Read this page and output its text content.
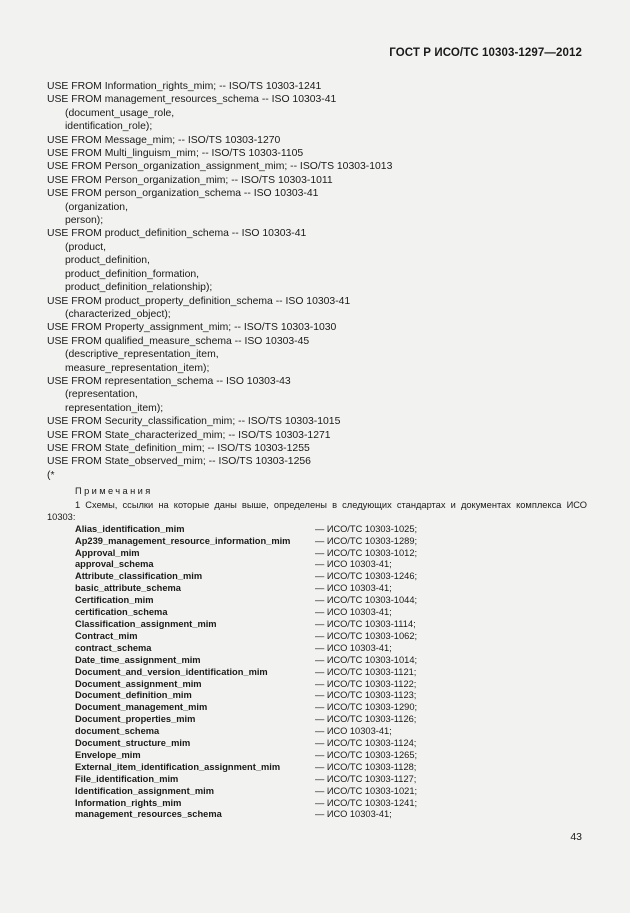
ГОСТ Р ИСО/ТС 10303-1297—2012
USE FROM Information_rights_mim; -- ISO/TS 10303-1241
USE FROM management_resources_schema -- ISO 10303-41
(document_usage_role,
identification_role);
USE FROM Message_mim; -- ISO/TS 10303-1270
USE FROM Multi_linguism_mim; -- ISO/TS 10303-1105
USE FROM Person_organization_assignment_mim; -- ISO/TS 10303-1013
USE FROM Person_organization_mim; -- ISO/TS 10303-1011
USE FROM person_organization_schema -- ISO 10303-41
(organization,
person);
USE FROM product_definition_schema -- ISO 10303-41
(product,
product_definition,
product_definition_formation,
product_definition_relationship);
USE FROM product_property_definition_schema -- ISO 10303-41
(characterized_object);
USE FROM Property_assignment_mim; -- ISO/TS 10303-1030
USE FROM qualified_measure_schema -- ISO 10303-45
(descriptive_representation_item,
measure_representation_item);
USE FROM representation_schema -- ISO 10303-43
(representation,
representation_item);
USE FROM Security_classification_mim; -- ISO/TS 10303-1015
USE FROM State_characterized_mim; -- ISO/TS 10303-1271
USE FROM State_definition_mim; -- ISO/TS 10303-1255
USE FROM State_observed_mim; -- ISO/TS 10303-1256
(*
Примечания
1 Схемы, ссылки на которые даны выше, определены в следующих стандартах и документах комплекса ИСО 10303:
Alias_identification_mim	— ИСО/ТС 10303-1025;
Ap239_management_resource_information_mim	— ИСО/ТС 10303-1289;
Approval_mim	— ИСО/ТС 10303-1012;
approval_schema	— ИСО 10303-41;
Attribute_classification_mim	— ИСО/ТС 10303-1246;
basic_attribute_schema	— ИСО 10303-41;
Certification_mim	— ИСО/ТС 10303-1044;
certification_schema	— ИСО 10303-41;
Classification_assignment_mim	— ИСО/ТС 10303-1114;
Contract_mim	— ИСО/ТС 10303-1062;
contract_schema	— ИСО 10303-41;
Date_time_assignment_mim	— ИСО/ТС 10303-1014;
Document_and_version_identification_mim	— ИСО/ТС 10303-1121;
Document_assignment_mim	— ИСО/ТС 10303-1122;
Document_definition_mim	— ИСО/ТС 10303-1123;
Document_management_mim	— ИСО/ТС 10303-1290;
Document_properties_mim	— ИСО/ТС 10303-1126;
document_schema	— ИСО 10303-41;
Document_structure_mim	— ИСО/ТС 10303-1124;
Envelope_mim	— ИСО/ТС 10303-1265;
External_item_identification_assignment_mim	— ИСО/ТС 10303-1128;
File_identification_mim	— ИСО/ТС 10303-1127;
Identification_assignment_mim	— ИСО/ТС 10303-1021;
Information_rights_mim	— ИСО/ТС 10303-1241;
management_resources_schema	— ИСО 10303-41;
43
